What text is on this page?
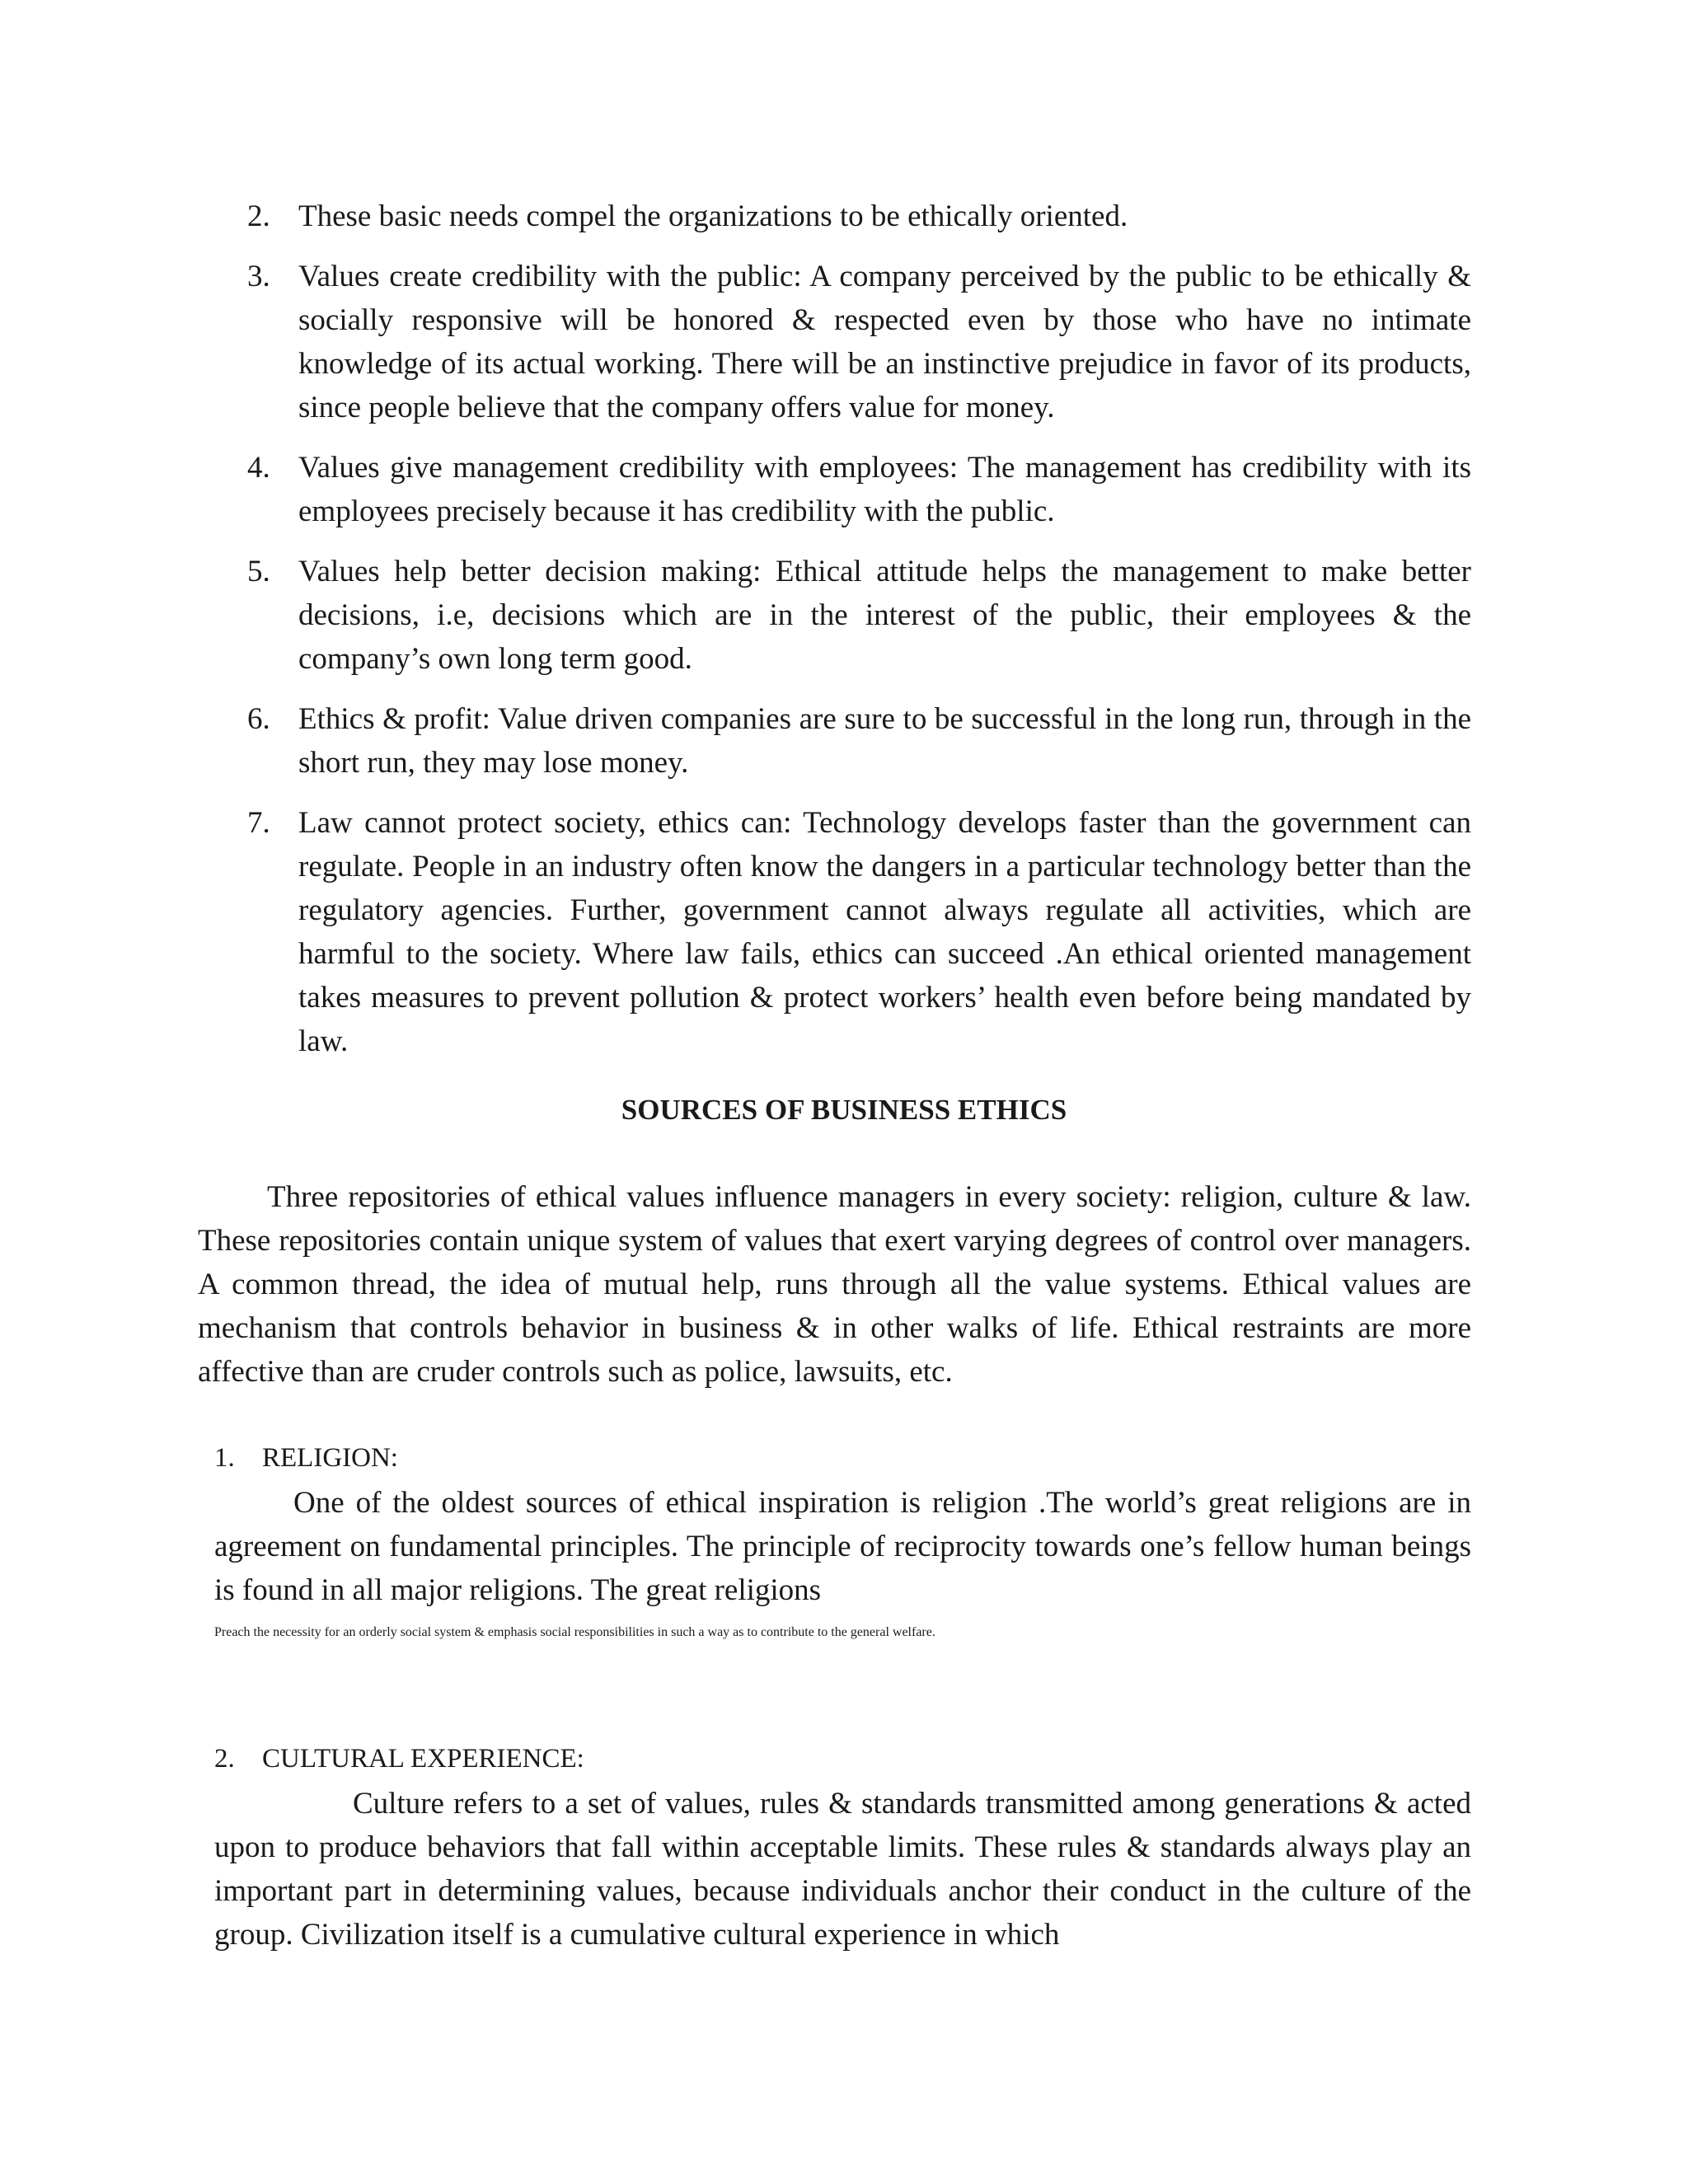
2. These basic needs compel the organizations to be ethically oriented.
3. Values create credibility with the public: A company perceived by the public to be ethically & socially responsive will be honored & respected even by those who have no intimate knowledge of its actual working. There will be an instinctive prejudice in favor of its products, since people believe that the company offers value for money.
4. Values give management credibility with employees: The management has credibility with its employees precisely because it has credibility with the public.
5. Values help better decision making: Ethical attitude helps the management to make better decisions, i.e, decisions which are in the interest of the public, their employees & the company’s own long term good.
6. Ethics & profit: Value driven companies are sure to be successful in the long run, through in the short run, they may lose money.
7. Law cannot protect society, ethics can: Technology develops faster than the government can regulate. People in an industry often know the dangers in a particular technology better than the regulatory agencies. Further, government cannot always regulate all activities, which are harmful to the society. Where law fails, ethics can succeed .An ethical oriented management takes measures to prevent pollution & protect workers’ health even before being mandated by law.
SOURCES OF BUSINESS ETHICS

Three repositories of ethical values influence managers in every society: religion, culture & law. These repositories contain unique system of values that exert varying degrees of control over managers. A common thread, the idea of mutual help, runs through all the value systems. Ethical values are mechanism that controls behavior in business & in other walks of life. Ethical restraints are more affective than are cruder controls such as police, lawsuits, etc.

1. RELIGION:

One of the oldest sources of ethical inspiration is religion .The world’s great religions are in agreement on fundamental principles. The principle of reciprocity towards one’s fellow human beings is found in all major religions. The great religions

Preach the necessity for an orderly social system & emphasis social responsibilities in such a way as to contribute to the general welfare.

2. CULTURAL EXPERIENCE:

Culture refers to a set of values, rules & standards transmitted among generations & acted upon to produce behaviors that fall within acceptable limits. These rules & standards always play an important part in determining values, because individuals anchor their conduct in the culture of the group. Civilization itself is a cumulative cultural experience in which
